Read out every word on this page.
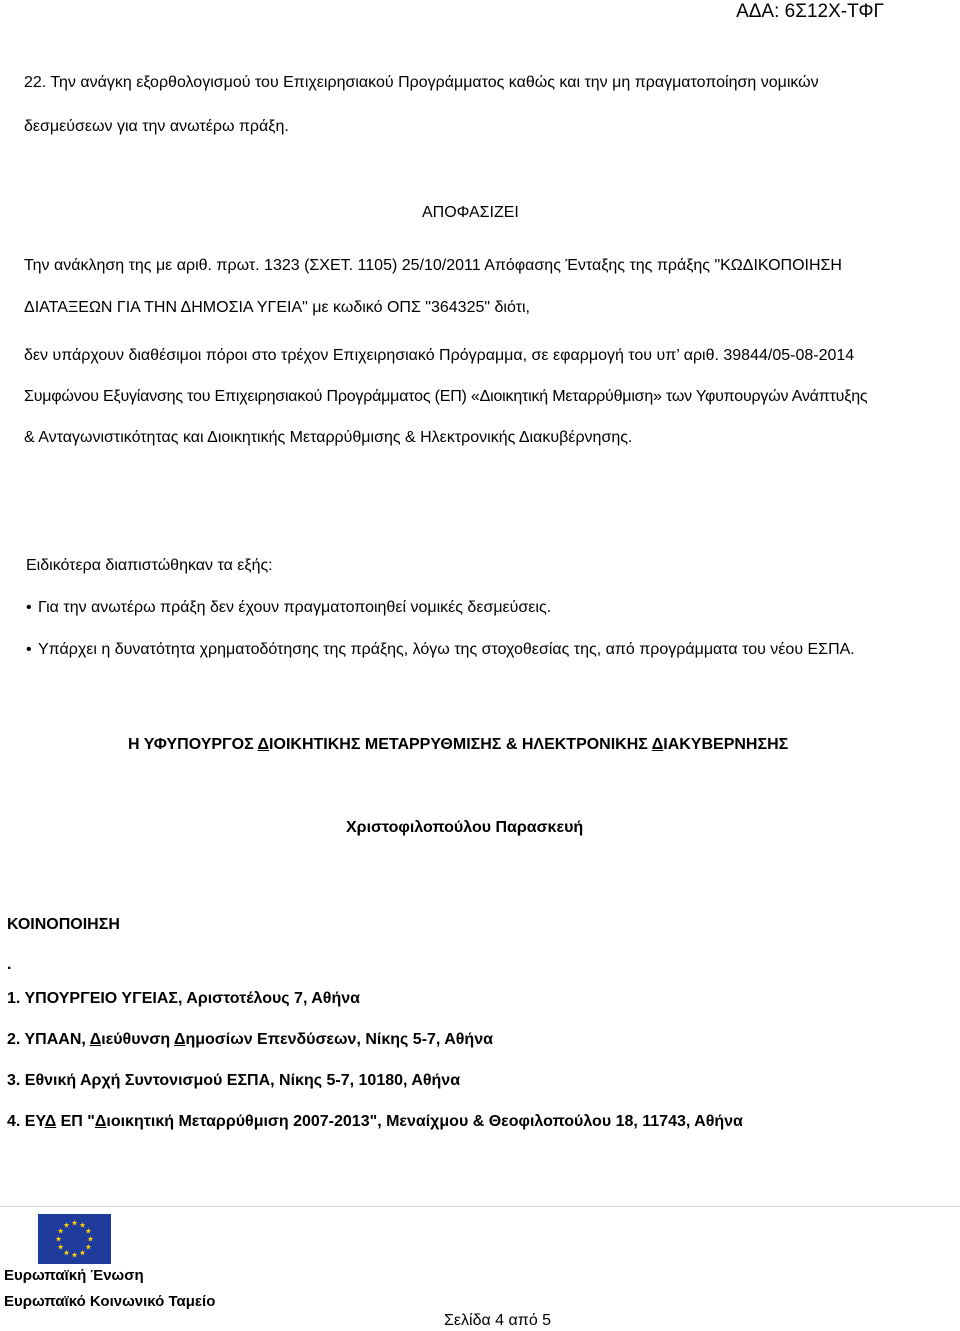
ΑΔΑ: 6Σ12Χ-ΤΦΓ
22. Την ανάγκη εξορθολογισμού του Επιχειρησιακού Προγράμματος καθώς και την μη πραγματοποίηση νομικών
δεσμεύσεων για την ανωτέρω πράξη.
ΑΠΟΦΑΣΙΖΕΙ
Την ανάκληση της με αριθ. πρωτ. 1323 (ΣΧΕΤ. 1105) 25/10/2011 Απόφασης Ένταξης της πράξης "ΚΩΔΙΚΟΠΟΙΗΣΗ
ΔΙΑΤΑΞΕΩΝ ΓΙΑ ΤΗΝ ΔΗΜΟΣΙΑ ΥΓΕΙΑ" με κωδικό ΟΠΣ "364325" διότι,
δεν υπάρχουν διαθέσιμοι πόροι στο τρέχον Επιχειρησιακό Πρόγραμμα, σε εφαρμογή του υπ’ αριθ. 39844/05-08-2014
Συμφώνου Εξυγίανσης του Επιχειρησιακού Προγράμματος (ΕΠ) «Διοικητική Μεταρρύθμιση» των Υφυπουργών Ανάπτυξης
& Ανταγωνιστικότητας και Διοικητικής Μεταρρύθμισης & Ηλεκτρονικής Διακυβέρνησης.
Ειδικότερα διαπιστώθηκαν τα εξής:
• Για την ανωτέρω πράξη δεν έχουν πραγματοποιηθεί νομικές δεσμεύσεις.
• Υπάρχει η δυνατότητα χρηματοδότησης της πράξης, λόγω της στοχοθεσίας της, από προγράμματα του νέου ΕΣΠΑ.
Η ΥΦΥΠΟΥΡΓΟΣ ΔΙΟΙΚΗΤΙΚΗΣ ΜΕΤΑΡΡΥΘΜΙΣΗΣ & ΗΛΕΚΤΡΟΝΙΚΗΣ ΔΙΑΚΥΒΕΡΝΗΣΗΣ
Χριστοφιλοπούλου Παρασκευή
ΚΟΙΝΟΠΟΙΗΣΗ
.
1. ΥΠΟΥΡΓΕΙΟ ΥΓΕΙΑΣ, Αριστοτέλους 7, Αθήνα
2. ΥΠΑΑΝ, Διεύθυνση Δημοσίων Επενδύσεων, Νίκης 5-7, Αθήνα
3. Εθνική Αρχή Συντονισμού ΕΣΠΑ, Νίκης 5-7, 10180, Αθήνα
4. ΕΥΔ ΕΠ "Διοικητική Μεταρρύθμιση 2007-2013", Μεναίχμου & Θεοφιλοπούλου 18, 11743, Αθήνα
Ευρωπαϊκή Ένωση
Ευρωπαϊκό Κοινωνικό Ταμείο
Σελίδα 4 από 5
